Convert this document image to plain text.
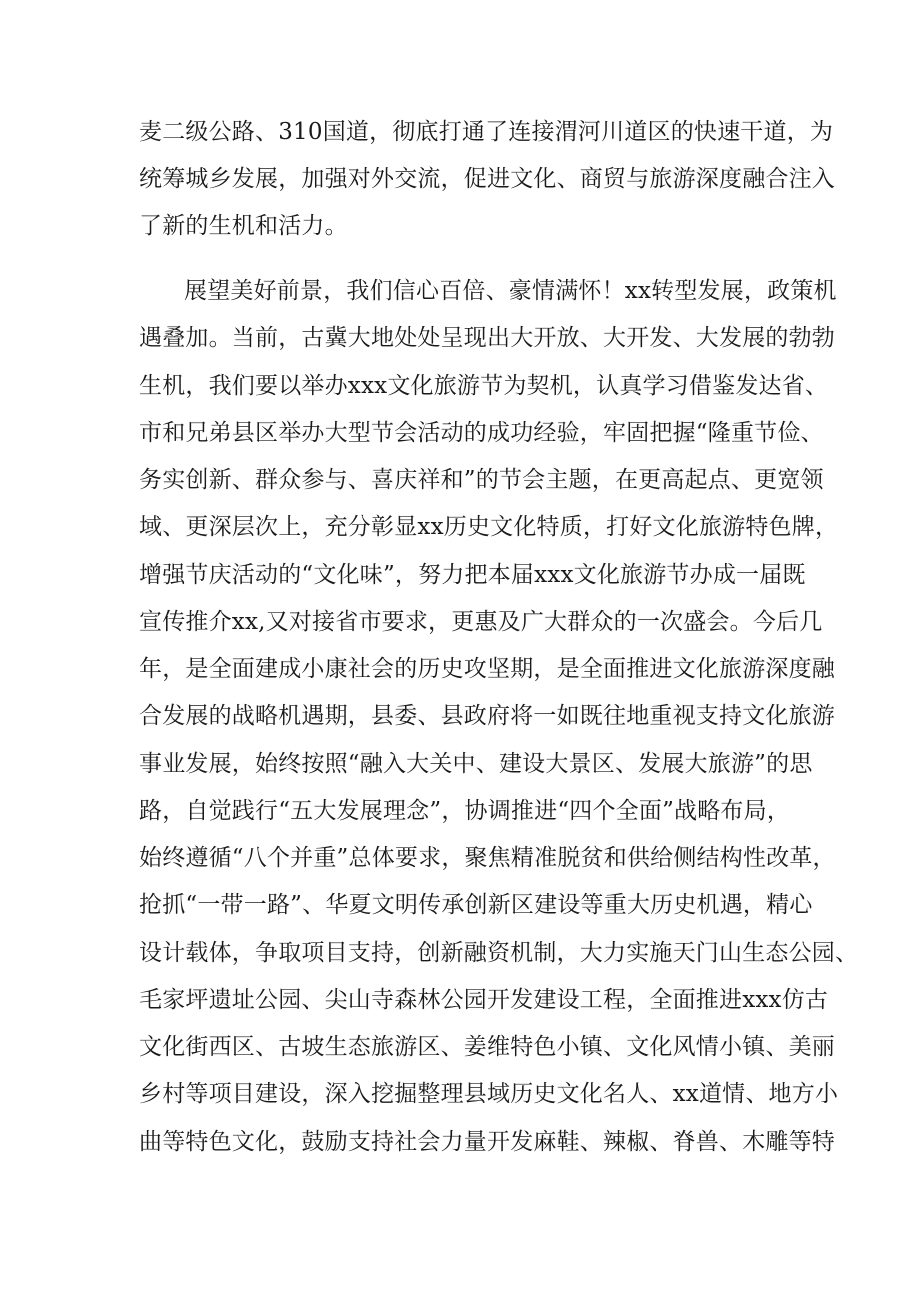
麦二级公路、310国道，彻底打通了连接渭河川道区的快速干道，为
统筹城乡发展，加强对外交流，促进文化、商贸与旅游深度融合注入
了新的生机和活力。
展望美好前景，我们信心百倍、豪情满怀！xx转型发展，政策机
遇叠加。当前，古冀大地处处呈现出大开放、大开发、大发展的勃勃
生机，我们要以举办xxx文化旅游节为契机，认真学习借鉴发达省、
市和兄弟县区举办大型节会活动的成功经验，牢固把握“隆重节俭、
务实创新、群众参与、喜庆祥和”的节会主题，在更高起点、更宽领
域、更深层次上，充分彰显xx历史文化特质，打好文化旅游特色牌，
增强节庆活动的“文化味”，努力把本届xxx文化旅游节办成一届既
宣传推介xx,又对接省市要求，更惠及广大群众的一次盛会。今后几
年，是全面建成小康社会的历史攻坚期，是全面推进文化旅游深度融
合发展的战略机遇期，县委、县政府将一如既往地重视支持文化旅游
事业发展，始终按照“融入大关中、建设大景区、发展大旅游”的思
路，自觉践行“五大发展理念”，协调推进“四个全面”战略布局，
始终遵循“八个并重”总体要求，聚焦精准脱贫和供给侧结构性改革，
抢抓“一带一路”、华夏文明传承创新区建设等重大历史机遇，精心
设计载体，争取项目支持，创新融资机制，大力实施天门山生态公园、
毛家坪遗址公园、尖山寺森林公园开发建设工程，全面推进xxx仿古
文化街西区、古坡生态旅游区、姜维特色小镇、文化风情小镇、美丽
乡村等项目建设，深入挖掘整理县域历史文化名人、xx道情、地方小
曲等特色文化，鼓励支持社会力量开发麻鞋、辣椒、脊兽、木雕等特
